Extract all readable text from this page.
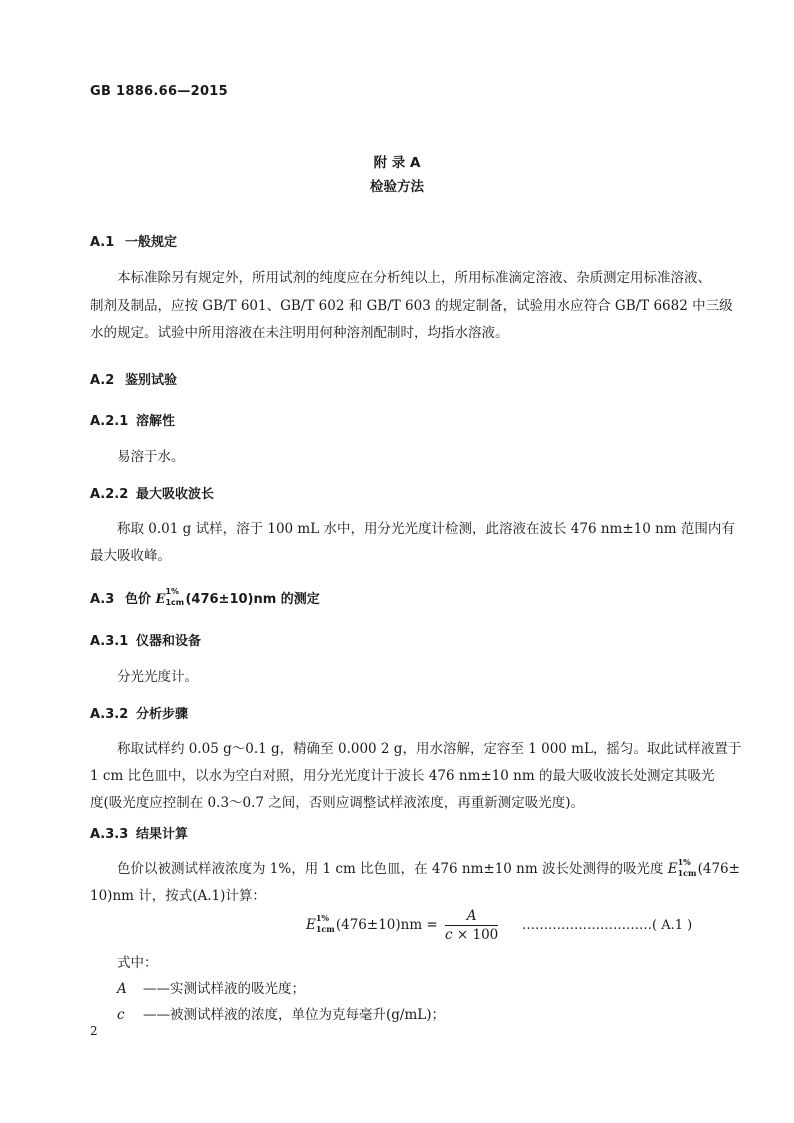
GB 1886.66—2015
附 录 A
检验方法
A.1 一般规定
本标准除另有规定外，所用试剂的纯度应在分析纯以上，所用标准滴定溶液、杂质测定用标准溶液、
制剂及制品，应按 GB/T 601、GB/T 602 和 GB/T 603 的规定制备，试验用水应符合 GB/T 6682 中三级
水的规定。试验中所用溶液在未注明用何种溶剂配制时，均指水溶液。
A.2 鉴别试验
A.2.1 溶解性
易溶于水。
A.2.2 最大吸收波长
称取 0.01 g 试样，溶于 100 mL 水中，用分光光度计检测，此溶液在波长 476 nm±10 nm 范围内有
最大吸收峰。
A.3 色价 E
1%
1cm (476±10)nm 的测定
A.3.1 仪器和设备
分光光度计。
A.3.2 分析步骤
称取试样约 0.05 g～0.1 g，精确至 0.000 2 g，用水溶解，定容至 1 000 mL，摇匀。取此试样液置于
1 cm 比色皿中，以水为空白对照，用分光光度计于波长 476 nm±10 nm 的最大吸收波长处测定其吸光
度(吸光度应控制在 0.3～0.7 之间，否则应调整试样液浓度，再重新测定吸光度)。
A.3.3 结果计算
色价以被测试样液浓度为 1%，用 1 cm 比色皿，在 476 nm±10 nm 波长处测得的吸光度 E 1%
1cm (476±
10)nm 计，按式(A.1)计算：
E 1%
1cm $(476\pm 10)nm = \frac{A}{c \times 100}$ …………………………( A.1 )
式中：
A ——实测试样液的吸光度；
c ——被测试样液的浓度，单位为克每毫升(g/mL)；
2
